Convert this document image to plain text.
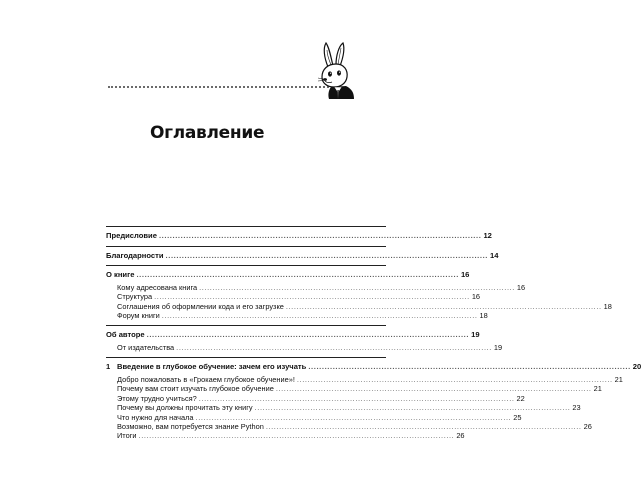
Оглавление
Предисловие ....................................................................................................................... 12
Благодарности ....................................................................................................................... 14
О книге ....................................................................................................................... 16
Кому адресована книга ....................................................................................................................... 16
Структура ....................................................................................................................... 16
Соглашения об оформлении кода и его загрузке ....................................................................................................................... 18
Форум книги ....................................................................................................................... 18
Об авторе ....................................................................................................................... 19
От издательства ....................................................................................................................... 19
1 Введение в глубокое обучение: зачем его изучать ....................................................................................................................... 20
Добро пожаловать в «Грокаем глубокое обучение»! ....................................................................................................................... 21
Почему вам стоит изучать глубокое обучение ....................................................................................................................... 21
Этому трудно учиться? ....................................................................................................................... 22
Почему вы должны прочитать эту книгу ....................................................................................................................... 23
Что нужно для начала ....................................................................................................................... 25
Возможно, вам потребуется знание Python ....................................................................................................................... 26
Итоги ....................................................................................................................... 26
